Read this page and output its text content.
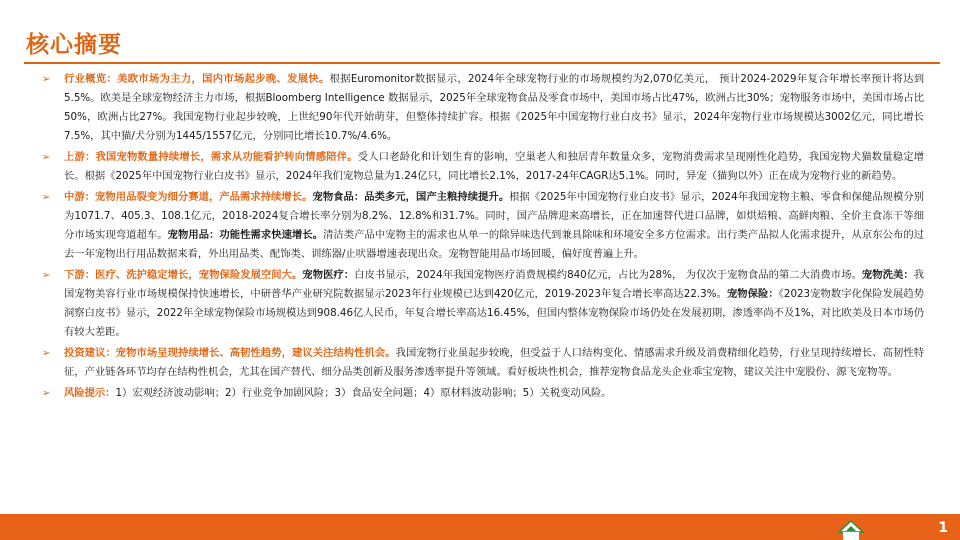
核心摘要
➢ 行业概览：美欧市场为主力，国内市场起步晚、发展快。根据Euromonitor数据显示，2024年全球宠物行业的市场规模约为2,070亿美元， 预计2024-2029年复合年增长率预计将达到5.5%。欧美是全球宠物经济主力市场，根据Bloomberg Intelligence 数据显示，2025年全球宠物食品及零食市场中，美国市场占比47%，欧洲占比30%；宠物服务市场中，美国市场占比50%，欧洲占比27%。我国宠物行业起步较晚，上世纪90年代开始萌芽，但整体持续扩容。根据《2025年中国宠物行业白皮书》显示，2024年宠物行业市场规模达3002亿元，同比增长7.5%，其中猫/犬分别为1445/1557亿元，分别同比增长10.7%/4.6%。
➢ 上游：我国宠物数量持续增长，需求从功能看护转向情感陪伴。受人口老龄化和计划生育的影响，空巢老人和独居青年数量众多，宠物消费需求呈现刚性化趋势，我国宠物犬猫数量稳定增长。根据《2025年中国宠物行业白皮书》显示，2024年我们宠物总量为1.24亿只，同比增长2.1%，2017-24年CAGR达5.1%。同时，异宠（猫狗以外）正在成为宠物行业的新趋势。
➢ 中游：宠物用品裂变为细分赛道，产品需求持续增长。宠物食品：品类多元，国产主粮持续提升。根据《2025年中国宠物行业白皮书》显示，2024年我国宠物主粮、零食和保健品规模分别为1071.7、405.3、108.1亿元，2018-2024复合增长率分别为8.2%、12.8%和31.7%。同时，国产品牌迎来高增长，正在加速替代进口品牌，如烘焙粮、高鲜肉粮、全价主食冻干等细分市场实现弯道超车。宠物用品：功能性需求快速增长。清洁类产品中宠物主的需求也从单一的除异味迭代到兼具除味和环境安全多方位需求。出行类产品拟人化需求提升，从京东公布的过去一年宠物出行用品数据来看，外出用品类、配饰类、训练器/止吠器增速表现出众。宠物智能用品市场回暖，偏好度普遍上升。
➢ 下游：医疗、洗护稳定增长，宠物保险发展空间大。宠物医疗：白皮书显示，2024年我国宠物医疗消费规模约840亿元，占比为28%， 为仅次于宠物食品的第二大消费市场。宠物洗美：我国宠物美容行业市场规模保持快速增长，中研普华产业研究院数据显示2023年行业规模已达到420亿元，2019-2023年复合增长率高达22.3%。宠物保险：《2023宠物数字化保险发展趋势洞察白皮书》显示，2022年全球宠物保险市场规模达到908.46亿人民币，年复合增长率高达16.45%，但国内整体宠物保险市场仍处在发展初期，渗透率尚不及1%，对比欧美及日本市场仍有较大差距。
➢ 投资建议：宠物市场呈现持续增长、高韧性趋势，建议关注结构性机会。我国宠物行业虽起步较晚，但受益于人口结构变化、情感需求升级及消费精细化趋势，行业呈现持续增长、高韧性特征，产业链各环节均存在结构性机会，尤其在国产替代、细分品类创新及服务渗透率提升等领域。看好板块性机会，推荐宠物食品龙头企业乖宝宠物，建议关注中宠股份、源飞宠物等。
➢ 风险提示：1）宏观经济波动影响；2）行业竞争加剧风险；3）食品安全问题；4）原材料波动影响；5）关税变动风险。
1
